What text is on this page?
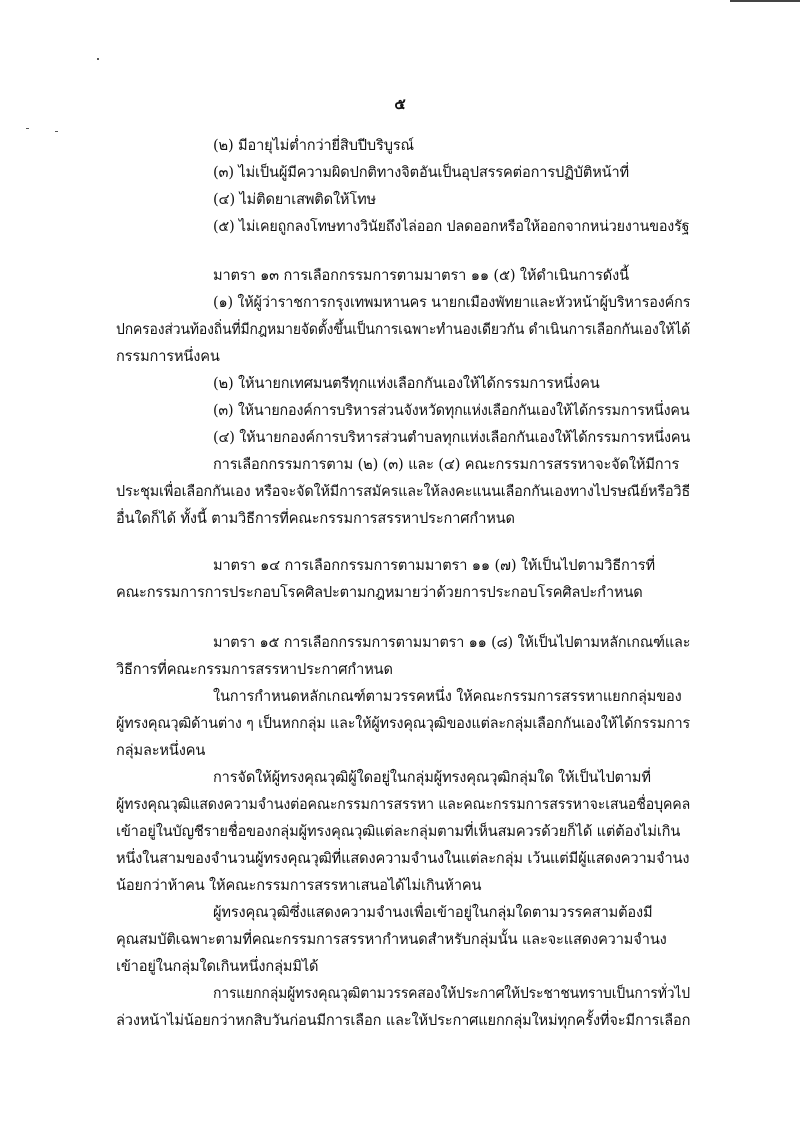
๕
(๒) มีอายุไม่ต่ำกว่ายี่สิบปีบริบูรณ์
(๓) ไม่เป็นผู้มีความผิดปกติทางจิตอันเป็นอุปสรรคต่อการปฏิบัติหน้าที่
(๔) ไม่ติดยาเสพติดให้โทษ
(๕) ไม่เคยถูกลงโทษทางวินัยถึงไล่ออก ปลดออกหรือให้ออกจากหน่วยงานของรัฐ
มาตรา ๑๓ การเลือกกรรมการตามมาตรา ๑๑ (๕) ให้ดำเนินการดังนี้
(๑) ให้ผู้ว่าราชการกรุงเทพมหานคร นายกเมืองพัทยาและหัวหน้าผู้บริหารองค์กร
ปกครองส่วนท้องถิ่นที่มีกฎหมายจัดตั้งขึ้นเป็นการเฉพาะทำนองเดียวกัน ดำเนินการเลือกกันเองให้ได้
กรรมการหนึ่งคน
(๒) ให้นายกเทศมนตรีทุกแห่งเลือกกันเองให้ได้กรรมการหนึ่งคน
(๓) ให้นายกองค์การบริหารส่วนจังหวัดทุกแห่งเลือกกันเองให้ได้กรรมการหนึ่งคน
(๔) ให้นายกองค์การบริหารส่วนตำบลทุกแห่งเลือกกันเองให้ได้กรรมการหนึ่งคน
การเลือกกรรมการตาม (๒) (๓) และ (๔) คณะกรรมการสรรหาจะจัดให้มีการ
ประชุมเพื่อเลือกกันเอง หรือจะจัดให้มีการสมัครและให้ลงคะแนนเลือกกันเองทางไปรษณีย์หรือวิธี
อื่นใดก็ได้ ทั้งนี้ ตามวิธีการที่คณะกรรมการสรรหาประกาศกำหนด
มาตรา ๑๔ การเลือกกรรมการตามมาตรา ๑๑ (๗) ให้เป็นไปตามวิธีการที่
คณะกรรมการการประกอบโรคศิลปะตามกฎหมายว่าด้วยการประกอบโรคศิลปะกำหนด
มาตรา ๑๕ การเลือกกรรมการตามมาตรา ๑๑ (๘) ให้เป็นไปตามหลักเกณฑ์และ
วิธีการที่คณะกรรมการสรรหาประกาศกำหนด
ในการกำหนดหลักเกณฑ์ตามวรรคหนึ่ง ให้คณะกรรมการสรรหาแยกกลุ่มของ
ผู้ทรงคุณวุฒิด้านต่าง ๆ เป็นหกกลุ่ม และให้ผู้ทรงคุณวุฒิของแต่ละกลุ่มเลือกกันเองให้ได้กรรมการ
กลุ่มละหนึ่งคน
การจัดให้ผู้ทรงคุณวุฒิผู้ใดอยู่ในกลุ่มผู้ทรงคุณวุฒิกลุ่มใด ให้เป็นไปตามที่
ผู้ทรงคุณวุฒิแสดงความจำนงต่อคณะกรรมการสรรหา และคณะกรรมการสรรหาจะเสนอชื่อบุคคล
เข้าอยู่ในบัญชีรายชื่อของกลุ่มผู้ทรงคุณวุฒิแต่ละกลุ่มตามที่เห็นสมควรด้วยก็ได้ แต่ต้องไม่เกิน
หนึ่งในสามของจำนวนผู้ทรงคุณวุฒิที่แสดงความจำนงในแต่ละกลุ่ม เว้นแต่มีผู้แสดงความจำนง
น้อยกว่าห้าคน ให้คณะกรรมการสรรหาเสนอได้ไม่เกินห้าคน
ผู้ทรงคุณวุฒิซึ่งแสดงความจำนงเพื่อเข้าอยู่ในกลุ่มใดตามวรรคสามต้องมี
คุณสมบัติเฉพาะตามที่คณะกรรมการสรรหากำหนดสำหรับกลุ่มนั้น และจะแสดงความจำนง
เข้าอยู่ในกลุ่มใดเกินหนึ่งกลุ่มมิได้
การแยกกลุ่มผู้ทรงคุณวุฒิตามวรรคสองให้ประกาศให้ประชาชนทราบเป็นการทั่วไป
ล่วงหน้าไม่น้อยกว่าหกสิบวันก่อนมีการเลือก และให้ประกาศแยกกลุ่มใหม่ทุกครั้งที่จะมีการเลือก
